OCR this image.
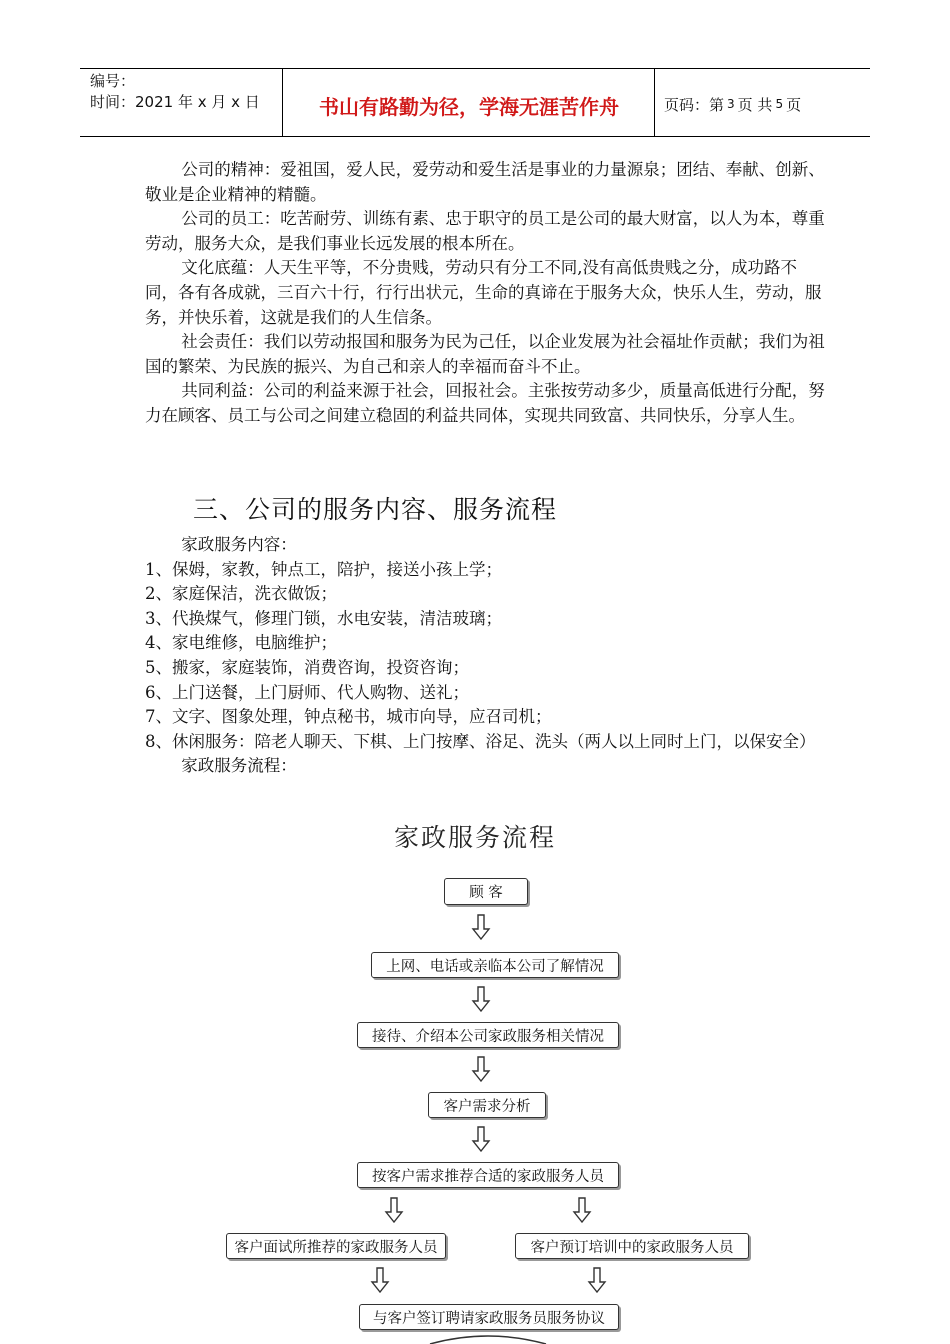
编号：
时间：2021 年 x 月 x 日	书山有路勤为径，学海无涯苦作舟	页码：第 3 页 共 5 页

公司的精神：爱祖国，爱人民，爱劳动和爱生活是事业的力量源泉；团结、奉献、创新、敬业是企业精神的精髓。

公司的员工：吃苦耐劳、训练有素、忠于职守的员工是公司的最大财富，以人为本，尊重劳动，服务大众，是我们事业长远发展的根本所在。

文化底蕴：人天生平等，不分贵贱，劳动只有分工不同,没有高低贵贱之分，成功路不同，各有各成就，三百六十行，行行出状元，生命的真谛在于服务大众，快乐人生，劳动，服务，并快乐着，这就是我们的人生信条。

社会责任：我们以劳动报国和服务为民为己任，以企业发展为社会福址作贡献；我们为祖国的繁荣、为民族的振兴、为自己和亲人的幸福而奋斗不止。

共同利益：公司的利益来源于社会，回报社会。主张按劳动多少，质量高低进行分配，努力在顾客、员工与公司之间建立稳固的利益共同体，实现共同致富、共同快乐，分享人生。

三、公司的服务内容、服务流程
家政服务内容：
1、保姆，家教，钟点工，陪护，接送小孩上学；
2、家庭保洁，洗衣做饭；
3、代换煤气，修理门锁，水电安装，清洁玻璃；
4、家电维修，电脑维护；
5、搬家，家庭装饰，消费咨询，投资咨询；
6、上门送餐，上门厨师、代人购物、送礼；
7、文字、图象处理，钟点秘书，城市向导，应召司机；
8、休闲服务：陪老人聊天、下棋、上门按摩、浴足、洗头（两人以上同时上门，以保安全）
家政服务流程：
家政服务流程
顾 客
上网、电话或亲临本公司了解情况
接待、介绍本公司家政服务相关情况
客户需求分析
按客户需求推荐合适的家政服务人员
客户面试所推荐的家政服务人员	客户预订培训中的家政服务人员
与客户签订聘请家政服务员服务协议
